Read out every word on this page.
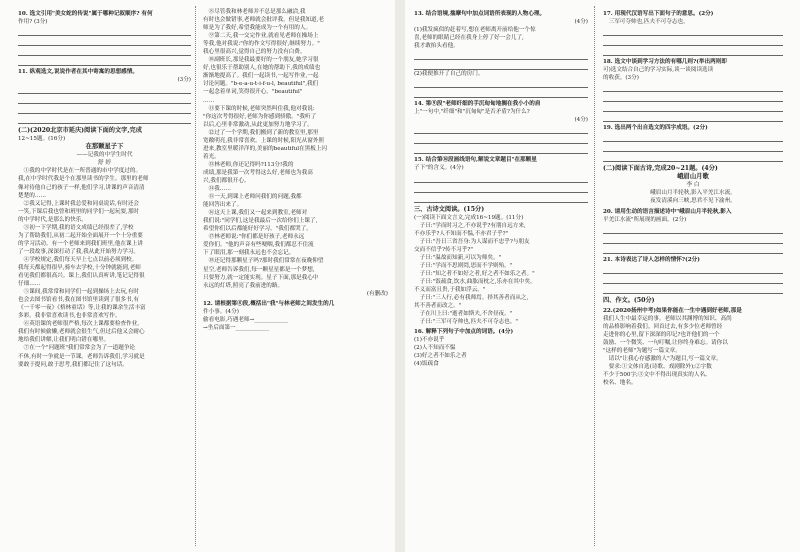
10. 选文引用"美女蛇的传说"属于哪种记叙顺序? 有何
作用? (3分)
11. 纵观选文,说说作者在其中寄寓的思想感情。
(3分)
(二)(2020北京市延庆)阅读下面的文字,完成
12~15题。(16分)
在那颗星子下
——记我的中学生时代
舒 婷
①我的中学时代是在一所普通的市中学度过的。
我,在中学时代我是个在那里读书的学生。那里的老师
像对待他自己的孩子一样,他们学习,讲课的声音清清
楚楚的……
②我又记得,上课时我总爱和同桌说话,有时还会
一笑,下课后我也曾和班里的同学们一起玩耍,那时
的中学时代,是那么的快乐。
③初一下学期,我的语文成绩已经很差了,学校
为了帮助我们,从初二起开始全面展开一个十分重要
的学习活动。有一个老师来到我们班里,他在课上讲
了一段故事,深深打动了我,我从此开始努力学习。
④学校规定,我们每天早上七点以前必须到校。
我每天都起得很早,骑车去学校,十分钟就能到,老师
看见我们都很高兴。课上,我们认真听讲,笔记记得很
仔细……
⑤课间,我常常和同学们一起到操场上去玩,有时
也会去图书馆看书,我在图书馆里读到了很多书,有
《一千零一夜》《格林童话》等,让我的课余生活丰富
多彩。我非常喜欢读书,也非常喜欢写作。
⑥英语课的老师很严格,每次上课都要检查作业,
我们有时候偷懒,老师就会很生气,但过后他又会耐心
地给我们讲解,让我们明白错在哪里。
⑦在一个"问题班"我们常常会为了一道题争论
不休,有时一争就是一节课。老师告诉我们,学习就是
要敢于提问,敢于思考,我们都记住了这句话。
⑧尽管我和林老师并不总是那么融洽,我
有时也会做错事,老师就会批评我。但是我知道,老
师是为了我好,希望我能成为一个有用的人。
⑨第二天,我一交完作业,就看见老师在操场上
等我,他对我说:"你的作文写得很好,继续努力。"
我心里很高兴,觉得自己的努力没有白费。
⑩副班长,那是我最要好的一个朋友,她学习很
好,也很乐于帮助别人,在她的帮助下,我的成绩也
渐渐地提高了。我们一起读书,一起写作业,一起
讨论问题。"b-e-a-u-t-i-f-u-l, beautiful",我们
一起念着单词,笑得很开心。"beautiful"
……
⑪要下课的时候,老师突然叫住我,他对我说:
"你这次考得很好,老师为你感到骄傲。"我听了
以后,心里非常激动,从此更加努力地学习了。
⑫过了一个学期,我们搬到了新的教室里,那里
宽敞明亮,我非常喜欢。上课的时候,阳光从窗外照
进来,教室里暖洋洋的,美丽的beautiful在黑板上闪
着光。
⑬林老师,你还记得吗?113分!我的
成绩,那是我第一次考得这么好,老师也为我高
兴,我们都很开心。
⑭我……
⑮一天,到课上老师问我们的问题,我都
能回答出来了。
⑯这天上课,我们又一起来到教室,老师对
我们说:"同学们,这是我最后一次给你们上课了,
希望你们以后都能好好学习。"我们都哭了。
⑰林老师说:"你们都是好孩子,老师永远
爱你们。"他的声音有些哽咽,我们都忍不住流
下了眼泪,那一刻我永远也不会忘记。
⑱还记得那颗星子吗?那时我们常常在夜晚仰望
星空,老师告诉我们,每一颗星星都是一个梦想,
只要努力,就一定能实现。星子下面,那是我心中
永远的灯塔,照亮了我前进的路。
(有删改)
12. 请根据第⑧段,概括出"我"与林老师之间发生的几
件小事。(4分)
偷看电影,巧遇老师→____________
→坐后面第一____________
13. 结合语境,揣摩句中加点词语所表现的人物心理。
(4分)
(1)我发疯似的赶着写,想在老师离开前给他一个惊
喜,老师的眼睛已经在我身上停了好一会儿了,
我才敢抬头看他。
(2)我便推开了自己的房门。
14. 第⑨段"老师纤细的手沉甸甸地搁在我小小的肩
上"一句中,"纤细"和"沉甸甸"是否矛盾?为什么?
(4分)
15. 结合第⑯段画线语句,解说文章题目"在那颗星
子下"的含义。(4分)
三、古诗文阅读。(15分)
(一)阅读下面文言文,完成16~19题。(11分)
子曰:"学而时习之,不亦说乎?有朋自远方来,
不亦乐乎?人不知而不愠,不亦君子乎?"
子曰:"吾日三省吾身:为人谋而不忠乎?与朋友
交而不信乎?传不习乎?"
子曰:"温故而知新,可以为师矣。"
子曰:"学而不思则罔,思而不学则殆。"
子曰:"知之者不如好之者,好之者不如乐之者。"
子曰:"饭疏食,饮水,曲肱而枕之,乐亦在其中矣。
不义而富且贵,于我如浮云。"
子曰:"三人行,必有我师焉。择其善者而从之,
其不善者而改之。"
子在川上曰:"逝者如斯夫,不舍昼夜。"
子曰:"三军可夺帅也,匹夫不可夺志也。"
16. 解释下列句子中加点的词语。(4分)
(1)不亦说乎
(2)人不知而不愠
(3)好之者不如乐之者
(4)饭疏食
17. 用现代汉语写出下面句子的意思。(2分)
三军可夺帅也,匹夫不可夺志也。
18. 选文中谈到学习方法的有哪几则?(举出两则即
可)选文结合自己的学习实际,谈一谈阅读选读
的收获。(3分)
19. 选出两个出自选文的四字成语。(2分)
(二)阅读下面古诗,完成20~21题。(4分)
峨眉山月歌
李 白
峨眉山月半轮秋,影入平羌江水流。
夜发清溪向三峡,思君不见下渝州。
20. 请用生动的语言描述诗中"峨眉山月半轮秋,影入
平羌江水流"所展现的画面。(2分)
21. 本诗表达了诗人怎样的情怀?(2分)
四、作文。(50分)
22.(2020扬州中考)如果你能在一生中遇到好老师,那是
我们人生中最幸运的事。老师以其渊博的知识、高尚
的品格影响着我们。回首过去,有多少位老师曾经
走进你的心里,留下深深的印记?也许他们的一个
鼓励、一个微笑、一句叮嘱,让你终身难忘。请你以
"这样的老师"为题写一篇文章。
请以"让我心存感激的人"为题目,写一篇文章。
要求:①文体自选(诗歌、戏剧除外);②字数
不少于500字;③文中不得出现真实的人名、
校名、地名。
